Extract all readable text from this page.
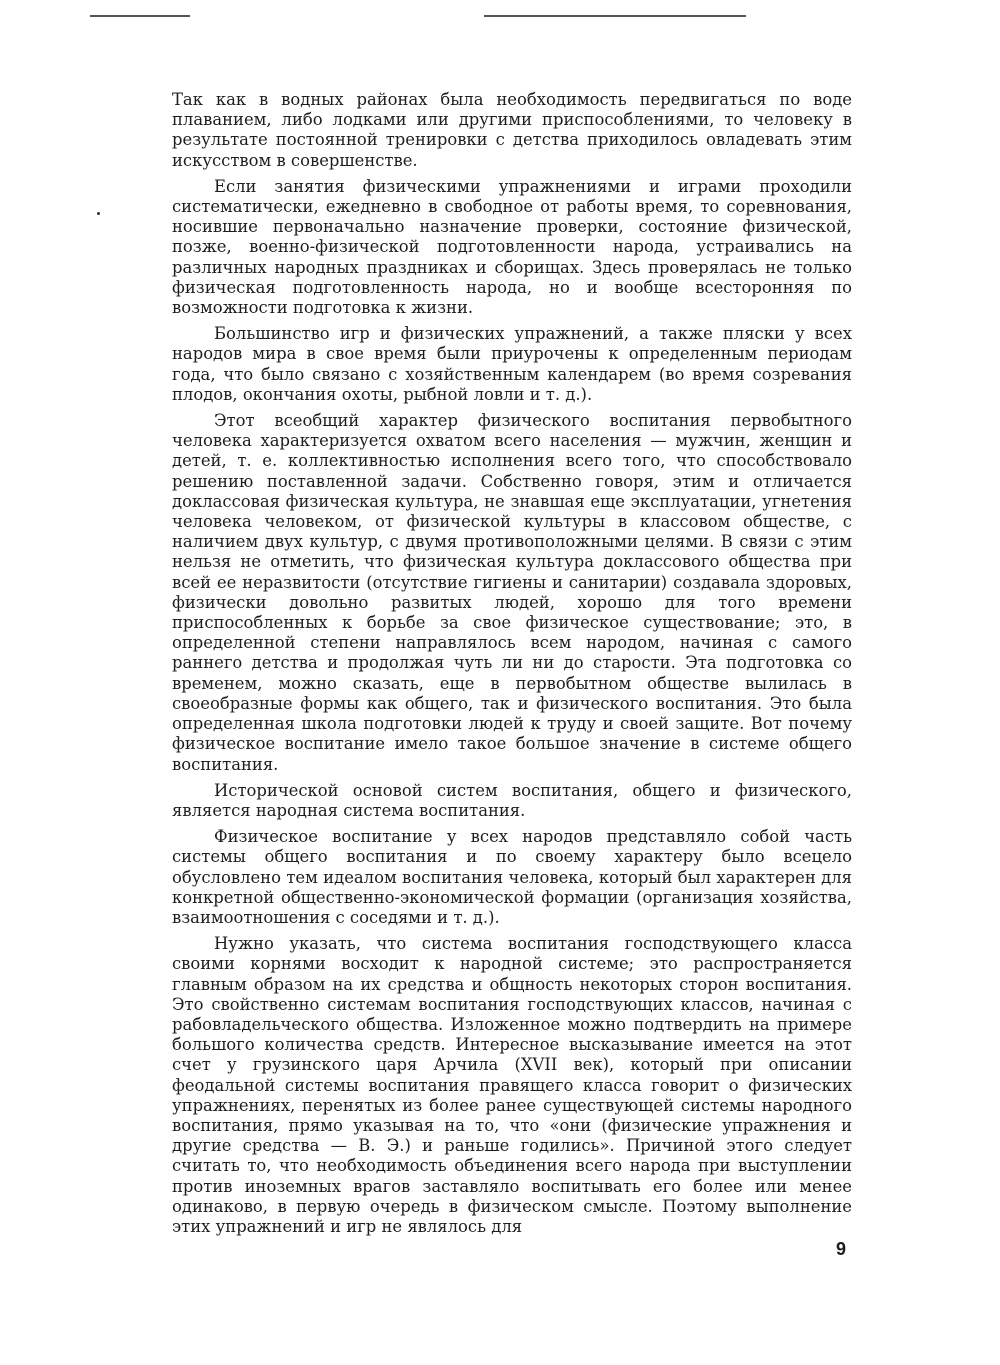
Так как в водных районах была необходимость передвигаться по воде плаванием, либо лодками или другими приспособлениями, то человеку в результате постоянной тренировки с детства приходилось овладевать этим искусством в совершенстве.

Если занятия физическими упражнениями и играми проходили систематически, ежедневно в свободное от работы время, то соревнования, носившие первоначально назначение проверки, состояние физической, позже, военно-физической подготовленности народа, устраивались на различных народных праздниках и сборищах. Здесь проверялась не только физическая подготовленность народа, но и вообще всесторонняя по возможности подготовка к жизни.

Большинство игр и физических упражнений, а также пляски у всех народов мира в свое время были приурочены к определенным периодам года, что было связано с хозяйственным календарем (во время созревания плодов, окончания охоты, рыбной ловли и т. д.).

Этот всеобщий характер физического воспитания первобытного человека характеризуется охватом всего населения — мужчин, женщин и детей, т. е. коллективностью исполнения всего того, что способствовало решению поставленной задачи. Собственно говоря, этим и отличается доклассовая физическая культура, не знавшая еще эксплуатации, угнетения человека человеком, от физической культуры в классовом обществе, с наличием двух культур, с двумя противоположными целями. В связи с этим нельзя не отметить, что физическая культура доклассового общества при всей ее неразвитости (отсутствие гигиены и санитарии) создавала здоровых, физически довольно развитых людей, хорошо для того времени приспособленных к борьбе за свое физическое существование; это, в определенной степени направлялось всем народом, начиная с самого раннего детства и продолжая чуть ли ни до старости. Эта подготовка со временем, можно сказать, еще в первобытном обществе вылилась в своеобразные формы как общего, так и физического воспитания. Это была определенная школа подготовки людей к труду и своей защите. Вот почему физическое воспитание имело такое большое значение в системе общего воспитания.

Исторической основой систем воспитания, общего и физического, является народная система воспитания.

Физическое воспитание у всех народов представляло собой часть системы общего воспитания и по своему характеру было всецело обусловлено тем идеалом воспитания человека, который был характерен для конкретной общественно-экономической формации (организация хозяйства, взаимоотношения с соседями и т. д.).

Нужно указать, что система воспитания господствующего класса своими корнями восходит к народной системе; это распространяется главным образом на их средства и общность некоторых сторон воспитания. Это свойственно системам воспитания господствующих классов, начиная с рабовладельческого общества. Изложенное можно подтвердить на примере большого количества средств. Интересное высказывание имеется на этот счет у грузинского царя Арчила (XVII век), который при описании феодальной системы воспитания правящего класса говорит о физических упражнениях, перенятых из более ранее существующей системы народного воспитания, прямо указывая на то, что «они (физические упражнения и другие средства — В. Э.) и раньше годились». Причиной этого следует считать то, что необходимость объединения всего народа при выступлении против иноземных врагов заставляло воспитывать его более или менее одинаково, в первую очередь в физическом смысле. Поэтому выполнение этих упражнений и игр не являлось для

9
